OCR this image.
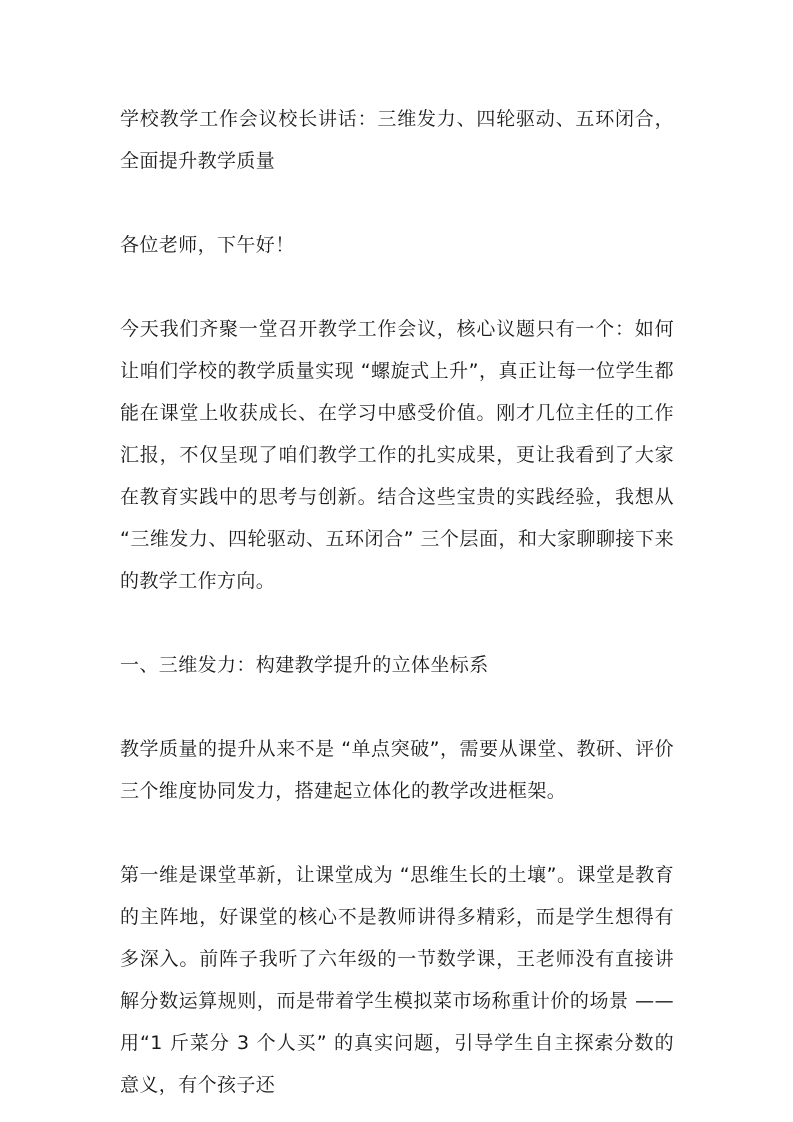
学校教学工作会议校长讲话：三维发力、四轮驱动、五环闭合，全面提升教学质量

各位老师，下午好！

今天我们齐聚一堂召开教学工作会议，核心议题只有一个：如何让咱们学校的教学质量实现 “螺旋式上升”，真正让每一位学生都能在课堂上收获成长、在学习中感受价值。刚才几位主任的工作汇报，不仅呈现了咱们教学工作的扎实成果，更让我看到了大家在教育实践中的思考与创新。结合这些宝贵的实践经验，我想从 “三维发力、四轮驱动、五环闭合” 三个层面，和大家聊聊接下来的教学工作方向。

一、三维发力：构建教学提升的立体坐标系

教学质量的提升从来不是 “单点突破”，需要从课堂、教研、评价三个维度协同发力，搭建起立体化的教学改进框架。

第一维是课堂革新，让课堂成为 “思维生长的土壤”。课堂是教育的主阵地，好课堂的核心不是教师讲得多精彩，而是学生想得有多深入。前阵子我听了六年级的一节数学课，王老师没有直接讲解分数运算规则，而是带着学生模拟菜市场称重计价的场景 —— 用“1 斤菜分 3 个人买” 的真实问题，引导学生自主探索分数的意义，有个孩子还
